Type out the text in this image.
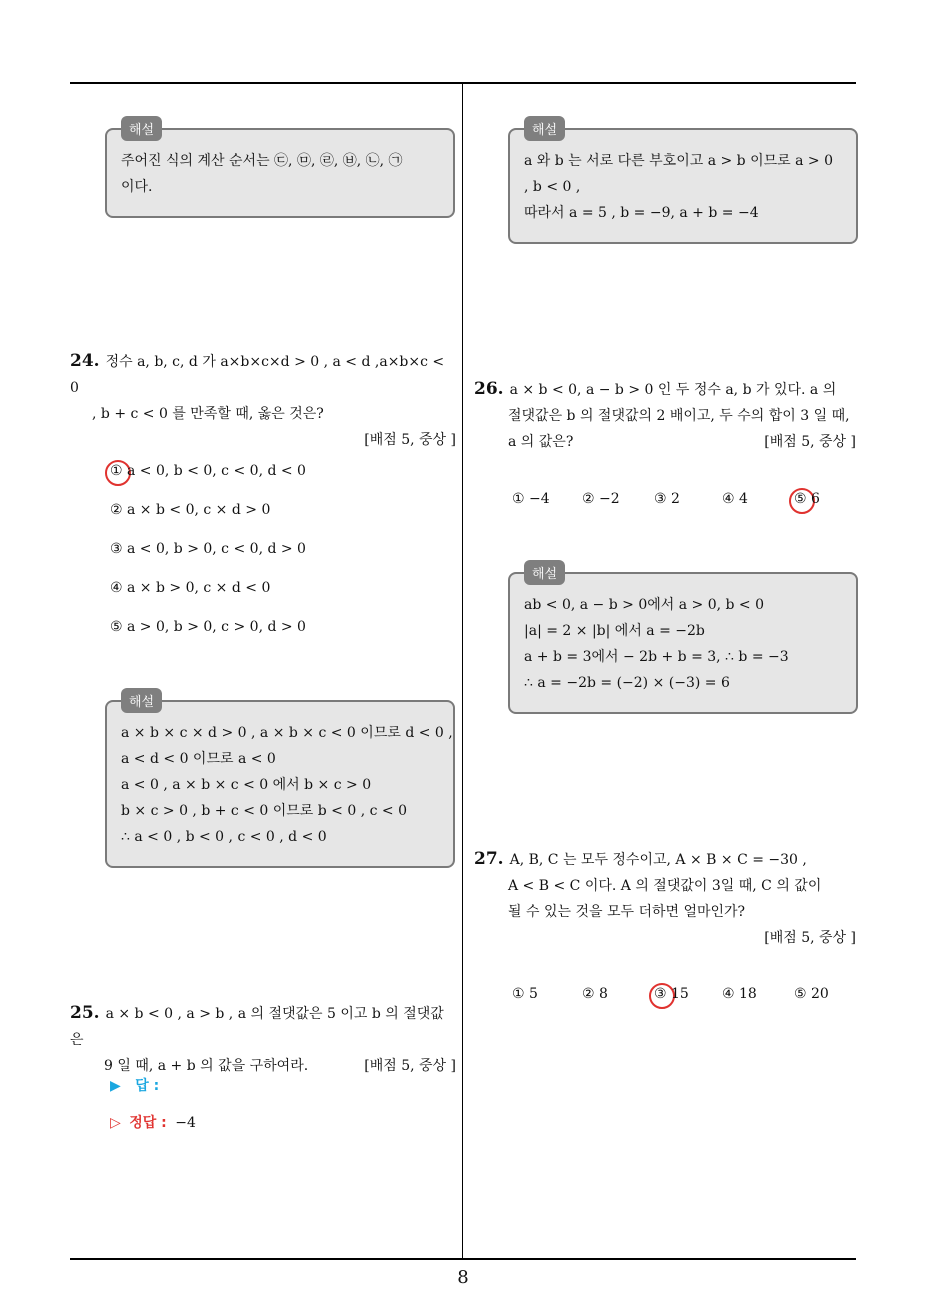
해설
주어진 식의 계산 순서는 ㉢, ㉤, ㉣, ㉥, ㉡, ㉠
이다.
24. 정수 a, b, c, d 가 a×b×c×d > 0 , a < d ,a×b×c < 0
, b + c < 0 를 만족할 때, 옳은 것은?
[배점 5, 중상 ]
① a < 0, b < 0, c < 0, d < 0
② a × b < 0, c × d > 0
③ a < 0, b > 0, c < 0, d > 0
④ a × b > 0, c × d < 0
⑤ a > 0, b > 0, c > 0, d > 0
해설
a × b × c × d > 0 , a × b × c < 0 이므로 d < 0 ,
a < d < 0 이므로 a < 0
a < 0 , a × b × c < 0 에서 b × c > 0
b × c > 0 , b + c < 0 이므로 b < 0 , c < 0
∴ a < 0 , b < 0 , c < 0 , d < 0
25. a × b < 0 , a > b , a 의 절댓값은 5 이고 b 의 절댓값은
9 일 때, a + b 의 값을 구하여라.	[배점 5, 중상 ]
▶ 답 :
▷ 정답 : −4
해설
a 와 b 는 서로 다른 부호이고 a > b 이므로 a > 0
, b < 0 ,
따라서 a = 5 , b = −9, a + b = −4
26. a × b < 0, a − b > 0 인 두 정수 a, b 가 있다. a 의
절댓값은 b 의 절댓값의 2 배이고, 두 수의 합이 3 일 때,
a 의 값은?	[배점 5, 중상 ]
① −4 ② −2 ③ 2	④ 4	⑤ 6
해설
ab < 0, a − b > 0에서 a > 0, b < 0
|a| = 2 × |b| 에서 a = −2b
a + b = 3에서 − 2b + b = 3, ∴ b = −3
∴ a = −2b = (−2) × (−3) = 6
27. A, B, C 는 모두 정수이고, A × B × C = −30 ,
A < B < C 이다. A 의 절댓값이 3일 때, C 의 값이
될 수 있는 것을 모두 더하면 얼마인가?
[배점 5, 중상 ]
① 5	② 8	③ 15 ④ 18	⑤ 20
8
